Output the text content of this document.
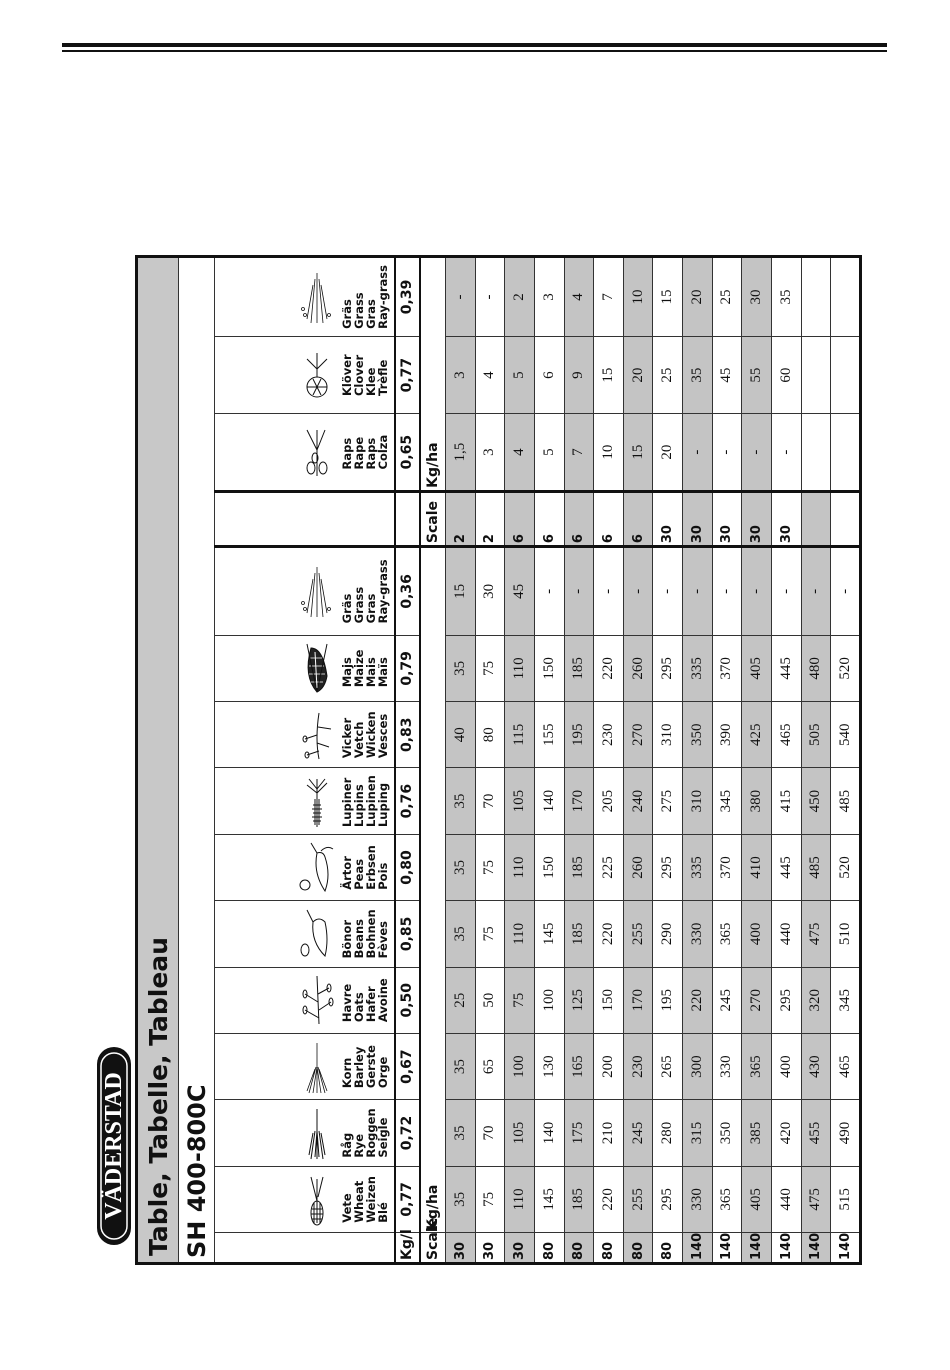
VÄDERSTAD Table, Tabelle, Tableau														
SH 400-800C														

Vete
Wheat
Weizen
Blé	Råg
Rye
Roggen
Seigle	Korn
Barley
Gerste
Orge	Havre
Oats
Hafer
Avoine	Bönor
Beans
Bohnen
Fèves	Ärtor
Peas
Erbsen
Pois	Lupiner
Lupins
Lupinen
Luping	Vicker
Vetch
Wicken
Vesces	Majs
Maize
Mais
Maïs	Gräs
Grass
Gras
Ray-grass		Raps
Rape
Raps
Colza	Klöver
Clover
Klee
Trèfle	Gräs
Grass
Gras
Ray-grass
Kg/l	0,77	0,72	0,67	0,50	0,85	0,80	0,76	0,83	0,79	0,36		0,65	0,77	0,39
Scale	Kg/ha										Scale	Kg/ha		
30	35	35	35	25	35	35	35	40	35	15	2	1,5	3	-
30	75	70	65	50	75	75	70	80	75	30	2	3	4	-
30	110	105	100	75	110	110	105	115	110	45	6	4	5	2
80	145	140	130	100	145	150	140	155	150	-	6	5	6	3
80	185	175	165	125	185	185	170	195	185	-	6	7	9	4
80	220	210	200	150	220	225	205	230	220	-	6	10	15	7
80	255	245	230	170	255	260	240	270	260	-	6	15	20	10
80	295	280	265	195	290	295	275	310	295	-	30	20	25	15
140	330	315	300	220	330	335	310	350	335	-	30	-	35	20
140	365	350	330	245	365	370	345	390	370	-	30	-	45	25
140	405	385	365	270	400	410	380	425	405	-	30	-	55	30
140	440	420	400	295	440	445	415	465	445	-	30	-	60	35
140	475	455	430	320	475	485	450	505	480	-				
140	515	490	465	345	510	520	485	540	520	-				
